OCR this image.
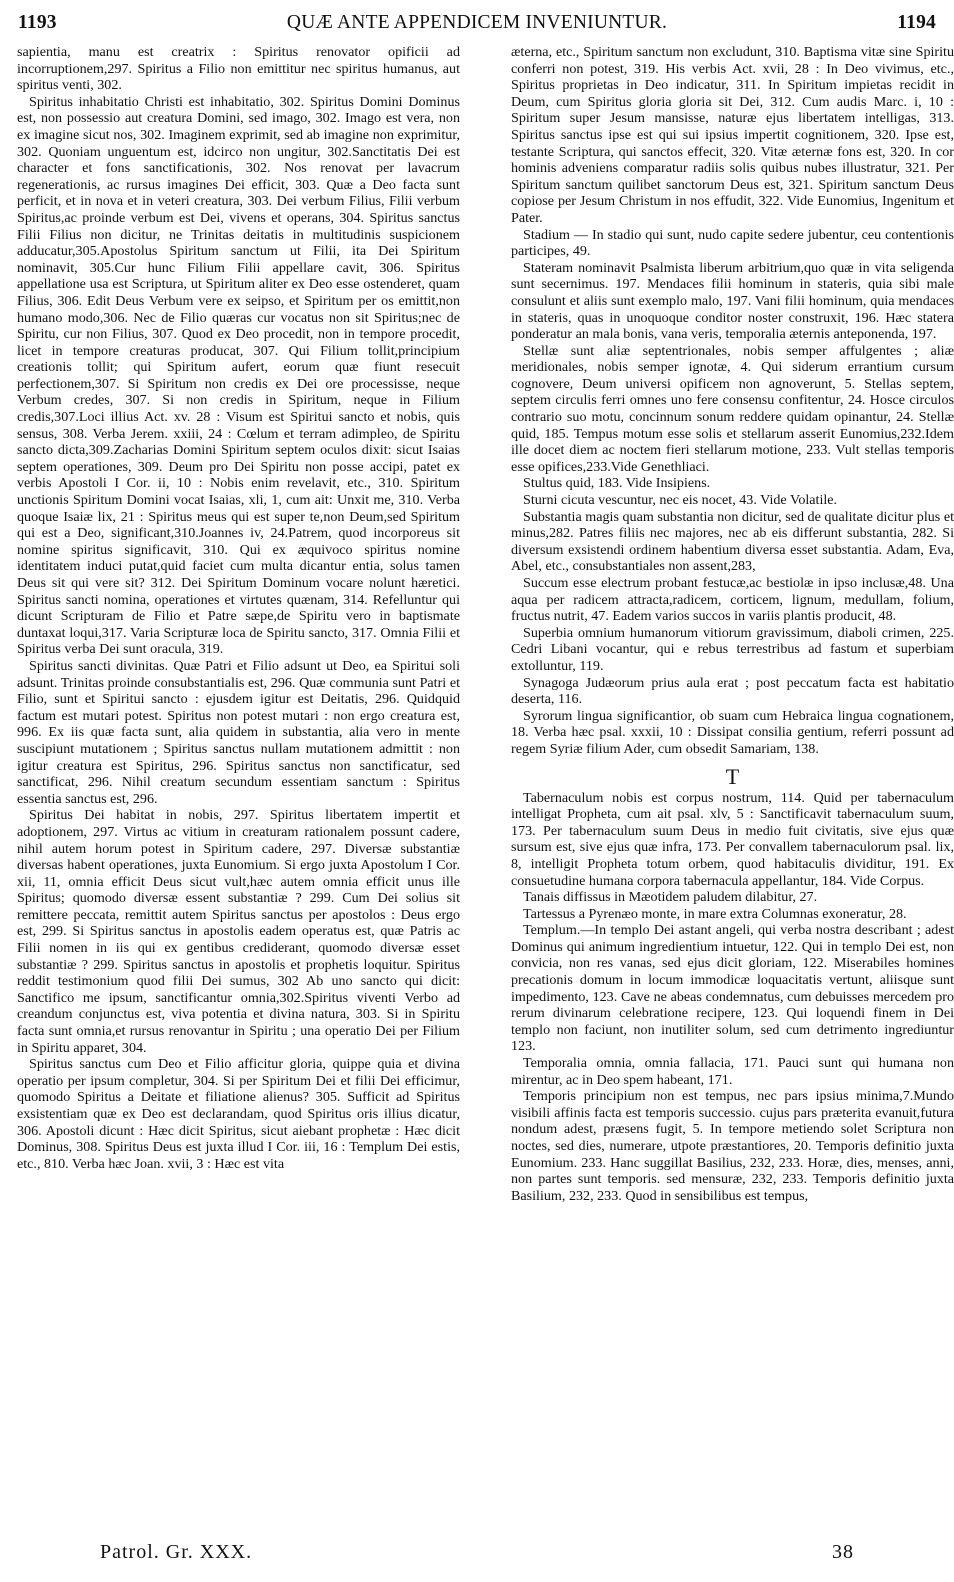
1193	QUÆ ANTE APPENDICEM INVENIUNTUR.	1194

sapientia, manu est creatrix : Spiritus renovator opificii ad incorruptionem,297. Spiritus a Filio non emittitur nec spiritus humanus, aut spiritus venti, 302.

Spiritus inhabitatio Christi est inhabitatio, 302. Spiritus Domini Dominus est, non possessio aut creatura Domini, sed imago, 302. Imago est vera, non ex imagine sicut nos, 302. Imaginem exprimit, sed ab imagine non exprimitur, 302. Quoniam unguentum est, idcirco non ungitur, 302.Sanctitatis Dei est character et fons sanctificationis, 302. Nos renovat per lavacrum regenerationis, ac rursus imagines Dei efficit, 303. Quæ a Deo facta sunt perficit, et in nova et in veteri creatura, 303. Dei verbum Filius, Filii verbum Spiritus,ac proinde verbum est Dei, vivens et operans, 304. Spiritus sanctus Filii Filius non dicitur, ne Trinitas deitatis in multitudinis suspicionem adducatur,305.Apostolus Spiritum sanctum ut Filii, ita Dei Spiritum nominavit, 305.Cur hunc Filium Filii appellare cavit, 306. Spiritus appellatione usa est Scriptura, ut Spiritum aliter ex Deo esse ostenderet, quam Filius, 306. Edit Deus Verbum vere ex seipso, et Spiritum per os emittit,non humano modo,306. Nec de Filio quæras cur vocatus non sit Spiritus;nec de Spiritu, cur non Filius, 307. Quod ex Deo procedit, non in tempore procedit, licet in tempore creaturas producat, 307. Qui Filium tollit,principium creationis tollit; qui Spiritum aufert, eorum quæ fiunt resecuit perfectionem,307. Si Spiritum non credis ex Dei ore processisse, neque Verbum credes, 307. Si non credis in Spiritum, neque in Filium credis,307.Loci illius Act. xv. 28 : Visum est Spiritui sancto et nobis, quis sensus, 308. Verba Jerem. xxiii, 24 : Cœlum et terram adimpleo, de Spiritu sancto dicta,309.Zacharias Domini Spiritum septem oculos dixit: sicut Isaias septem operationes, 309. Deum pro Dei Spiritu non posse accipi, patet ex verbis Apostoli I Cor. ii, 10 : Nobis enim revelavit, etc., 310. Spiritum unctionis Spiritum Domini vocat Isaias, xli, 1, cum ait: Unxit me, 310. Verba quoque Isaiæ lix, 21 : Spiritus meus qui est super te,non Deum,sed Spiritum qui est a Deo, significant,310.Joannes iv, 24.Patrem, quod incorporeus sit nomine spiritus significavit, 310. Qui ex æquivoco spiritus nomine identitatem induci putat,quid faciet cum multa dicantur entia, solus tamen Deus sit qui vere sit? 312. Dei Spiritum Dominum vocare nolunt hæretici. Spiritus sancti nomina, operationes et virtutes quænam, 314. Refelluntur qui dicunt Scripturam de Filio et Patre sæpe,de Spiritu vero in baptismate duntaxat loqui,317. Varia Scripturæ loca de Spiritu sancto, 317. Omnia Filii et Spiritus verba Dei sunt oracula, 319.

Spiritus sancti divinitas. Quæ Patri et Filio adsunt ut Deo, ea Spiritui soli adsunt. Trinitas proinde consubstantialis est, 296. Quæ communia sunt Patri et Filio, sunt et Spiritui sancto : ejusdem igitur est Deitatis, 296. Quidquid factum est mutari potest. Spiritus non potest mutari : non ergo creatura est, 996. Ex iis quæ facta sunt, alia quidem in substantia, alia vero in mente suscipiunt mutationem ; Spiritus sanctus nullam mutationem admittit : non igitur creatura est Spiritus, 296. Spiritus sanctus non sanctificatur, sed sanctificat, 296. Nihil creatum secundum essentiam sanctum : Spiritus essentia sanctus est, 296.

Spiritus Dei habitat in nobis, 297. Spiritus libertatem impertit et adoptionem, 297. Virtus ac vitium in creaturam rationalem possunt cadere, nihil autem horum potest in Spiritum cadere, 297. Diversæ substantiæ diversas habent operationes, juxta Eunomium. Si ergo juxta Apostolum I Cor. xii, 11, omnia efficit Deus sicut vult,hæc autem omnia efficit unus ille Spiritus; quomodo diversæ essent substantiæ ? 299. Cum Dei solius sit remittere peccata, remittit autem Spiritus sanctus per apostolos : Deus ergo est, 299. Si Spiritus sanctus in apostolis eadem operatus est, quæ Patris ac Filii nomen in iis qui ex gentibus crediderant, quomodo diversæ esset substantiæ ? 299. Spiritus sanctus in apostolis et prophetis loquitur. Spiritus reddit testimonium quod filii Dei sumus, 302 Ab uno sancto qui dicit: Sanctifico me ipsum, sanctificantur omnia,302.Spiritus viventi Verbo ad creandum conjunctus est, viva potentia et divina natura, 303. Si in Spiritu facta sunt omnia,et rursus renovantur in Spiritu ; una operatio Dei per Filium in Spiritu apparet, 304.

Spiritus sanctus cum Deo et Filio afficitur gloria, quippe quia et divina operatio per ipsum completur, 304. Si per Spiritum Dei et filii Dei efficimur, quomodo Spiritus a Deitate et filiatione alienus? 305. Sufficit ad Spiritus exsistentiam quæ ex Deo est declarandam, quod Spiritus oris illius dicatur, 306. Apostoli dicunt : Hæc dicit Spiritus, sicut aiebant prophetæ : Hæc dicit Dominus, 308. Spiritus Deus est juxta illud I Cor. iii, 16 : Templum Dei estis, etc., 810. Verba hæc Joan. xvii, 3 : Hæc est vita

æterna, etc., Spiritum sanctum non excludunt, 310. Baptisma vitæ sine Spiritu conferri non potest, 319. His verbis Act. xvii, 28 : In Deo vivimus, etc., Spiritus proprietas in Deo indicatur, 311. In Spiritum impietas recidit in Deum, cum Spiritus gloria gloria sit Dei, 312. Cum audis Marc. i, 10 : Spiritum super Jesum mansisse, naturæ ejus libertatem intelligas, 313. Spiritus sanctus ipse est qui sui ipsius impertit cognitionem, 320. Ipse est, testante Scriptura, qui sanctos effecit, 320. Vitæ æternæ fons est, 320. In cor hominis adveniens comparatur radiis solis quibus nubes illustratur, 321. Per Spiritum sanctum quilibet sanctorum Deus est, 321. Spiritum sanctum Deus copiose per Jesum Christum in nos effudit, 322. Vide Eunomius, Ingenitum et Pater.

Stadium — In stadio qui sunt, nudo capite sedere jubentur, ceu contentionis participes, 49.

Stateram nominavit Psalmista liberum arbitrium,quo quæ in vita seligenda sunt secernimus. 197. Mendaces filii hominum in stateris, quia sibi male consulunt et aliis sunt exemplo malo, 197. Vani filii hominum, quia mendaces in stateris, quas in unoquoque conditor noster construxit, 196. Hæc statera ponderatur an mala bonis, vana veris, temporalia æternis anteponenda, 197.

Stellæ sunt aliæ septentrionales, nobis semper affulgentes ; aliæ meridionales, nobis semper ignotæ, 4. Qui siderum errantium cursum cognovere, Deum universi opificem non agnoverunt, 5. Stellas septem, septem circulis ferri omnes uno fere consensu confitentur, 24. Hosce circulos contrario suo motu, concinnum sonum reddere quidam opinantur, 24. Stellæ quid, 185. Tempus motum esse solis et stellarum asserit Eunomius,232.Idem ille docet diem ac noctem fieri stellarum motione, 233. Vult stellas temporis esse opifices,233.Vide Genethliaci.

Stultus quid, 183. Vide Insipiens.

Sturni cicuta vescuntur, nec eis nocet, 43. Vide Volatile.

Substantia magis quam substantia non dicitur, sed de qualitate dicitur plus et minus,282. Patres filiis nec majores, nec ab eis differunt substantia, 282. Si diversum exsistendi ordinem habentium diversa esset substantia. Adam, Eva, Abel, etc., consubstantiales non assent,283,

Succum esse electrum probant festucæ,ac bestiolæ in ipso inclusæ,48. Una aqua per radicem attracta,radicem, corticem, lignum, medullam, folium, fructus nutrit, 47. Eadem varios succos in variis plantis producit, 48.

Superbia omnium humanorum vitiorum gravissimum, diaboli crimen, 225. Cedri Libani vocantur, qui e rebus terrestribus ad fastum et superbiam extolluntur, 119.

Synagoga Judæorum prius aula erat ; post peccatum facta est habitatio deserta, 116.

Syrorum lingua significantior, ob suam cum Hebraica lingua cognationem, 18. Verba hæc psal. xxxii, 10 : Dissipat consilia gentium, referri possunt ad regem Syriæ filium Ader, cum obsedit Samariam, 138.

T

Tabernaculum nobis est corpus nostrum, 114. Quid per tabernaculum intelligat Propheta, cum ait psal. xlv, 5 : Sanctificavit tabernaculum suum, 173. Per tabernaculum suum Deus in medio fuit civitatis, sive ejus quæ sursum est, sive ejus quæ infra, 173. Per convallem tabernaculorum psal. lix, 8, intelligit Propheta totum orbem, quod habitaculis dividitur, 191. Ex consuetudine humana corpora tabernacula appellantur, 184. Vide Corpus.

Tanais diffissus in Mæotidem paludem dilabitur, 27.

Tartessus a Pyrenæo monte, in mare extra Columnas exoneratur, 28.

Templum.—In templo Dei astant angeli, qui verba nostra describant ; adest Dominus qui animum ingredientium intuetur, 122. Qui in templo Dei est, non convicia, non res vanas, sed ejus dicit gloriam, 122. Miserabiles homines precationis domum in locum immodicæ loquacitatis vertunt, aliisque sunt impedimento, 123. Cave ne abeas condemnatus, cum debuisses mercedem pro rerum divinarum celebratione recipere, 123. Qui loquendi finem in Dei templo non faciunt, non inutiliter solum, sed cum detrimento ingrediuntur 123.

Temporalia omnia, omnia fallacia, 171. Pauci sunt qui humana non mirentur, ac in Deo spem habeant, 171.

Temporis principium non est tempus, nec pars ipsius minima,7.Mundo visibili affinis facta est temporis successio. cujus pars præterita evanuit,futura nondum adest, præsens fugit, 5. In tempore metiendo solet Scriptura non noctes, sed dies, numerare, utpote præstantiores, 20. Temporis definitio juxta Eunomium. 233. Hanc suggillat Basilius, 232, 233. Horæ, dies, menses, anni, non partes sunt temporis. sed mensuræ, 232, 233. Temporis definitio juxta Basilium, 232, 233. Quod in sensibilibus est tempus,

Patrol. Gr. XXX.	38
